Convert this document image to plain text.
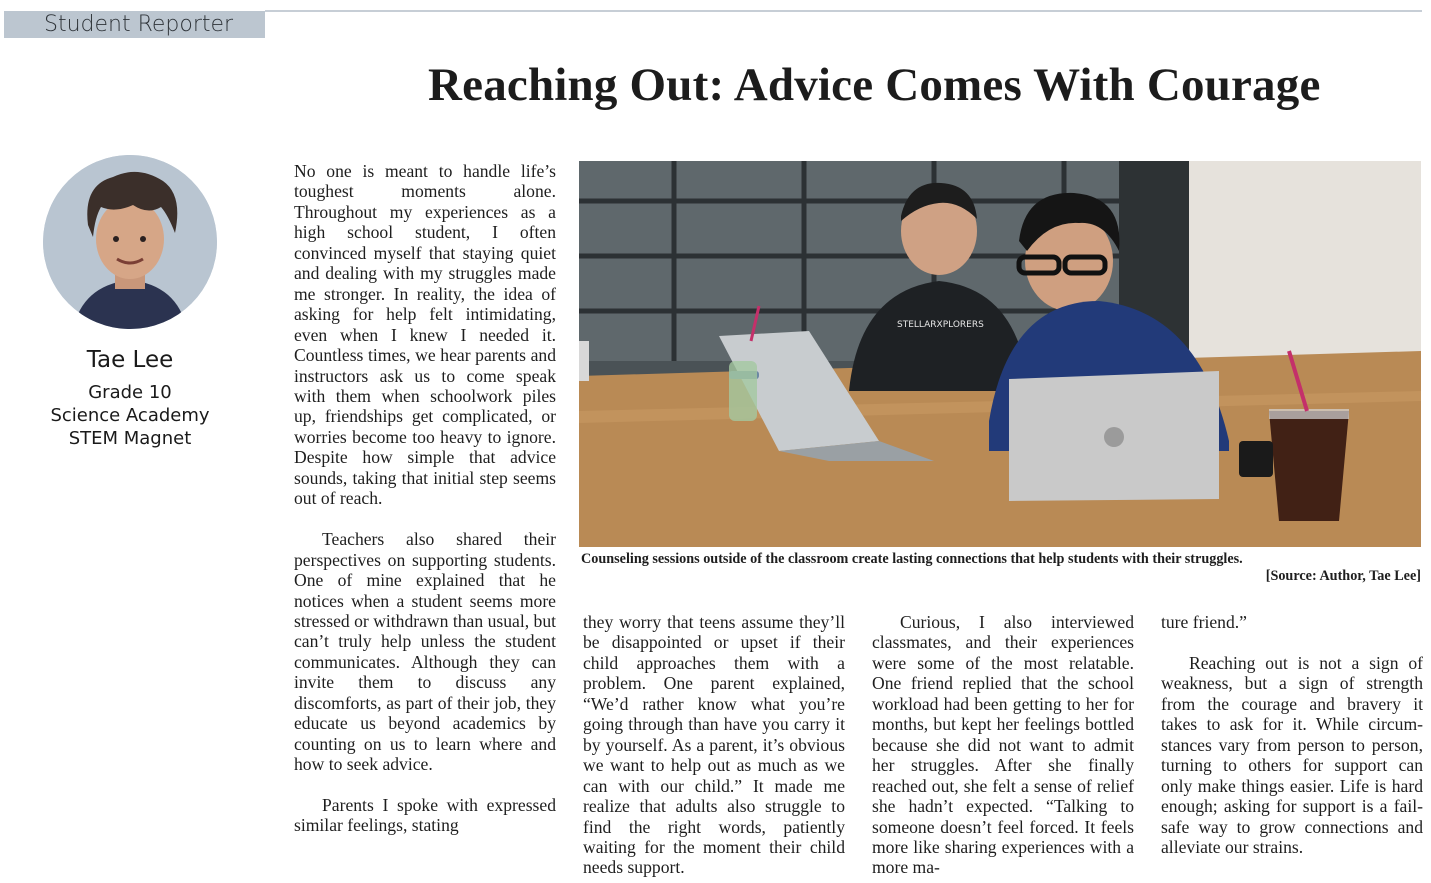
Student Reporter
Reaching Out: Advice Comes With Courage
Tae Lee
Grade 10
Science Academy
STEM Magnet

No one is meant to handle life’s toughest moments alone. Throughout my experiences as a high school student, I often convinced myself that staying quiet and dealing with my struggles made me stronger. In reality, the idea of asking for help felt intimidating, even when I knew I needed it. Countless times, we hear parents and instructors ask us to come speak with them when schoolwork piles up, friendships get complicated, or worries become too heavy to ignore. Despite how simple that advice sounds, taking that initial step seems out of reach.

Teachers also shared their perspectives on supporting students. One of mine explained that he notices when a student seems more stressed or withdrawn than usual, but can’t truly help unless the student communicates. Although they can invite them to discuss any discomforts, as part of their job, they educate us beyond academics by counting on us to learn where and how to seek advice.

Parents I spoke with expressed similar feelings, stating

STELLARXPLORERS
Counseling sessions outside of the classroom create lasting connections that help students with their struggles.
[Source: Author, Tae Lee]

they worry that teens assume they’ll be disappointed or upset if their child approaches them with a problem. One parent explained, “We’d rather know what you’re going through than have you carry it by yourself. As a parent, it’s obvious we want to help out as much as we can with our child.” It made me realize that adults also struggle to find the right words, patiently waiting for the moment their child needs support.

Curious, I also interviewed classmates, and their experiences were some of the most relatable. One friend replied that the school workload had been getting to her for months, but kept her feelings bottled because she did not want to admit her struggles. After she finally reached out, she felt a sense of relief she hadn’t expected. “Talking to someone doesn’t feel forced. It feels more like sharing experiences with a more ma-

ture friend.”

Reaching out is not a sign of weakness, but a sign of strength from the courage and bravery it takes to ask for it. While circumstances vary from person to person, turning to others for support can only make things easier. Life is hard enough; asking for support is a fail-safe way to grow connections and alleviate our strains.
